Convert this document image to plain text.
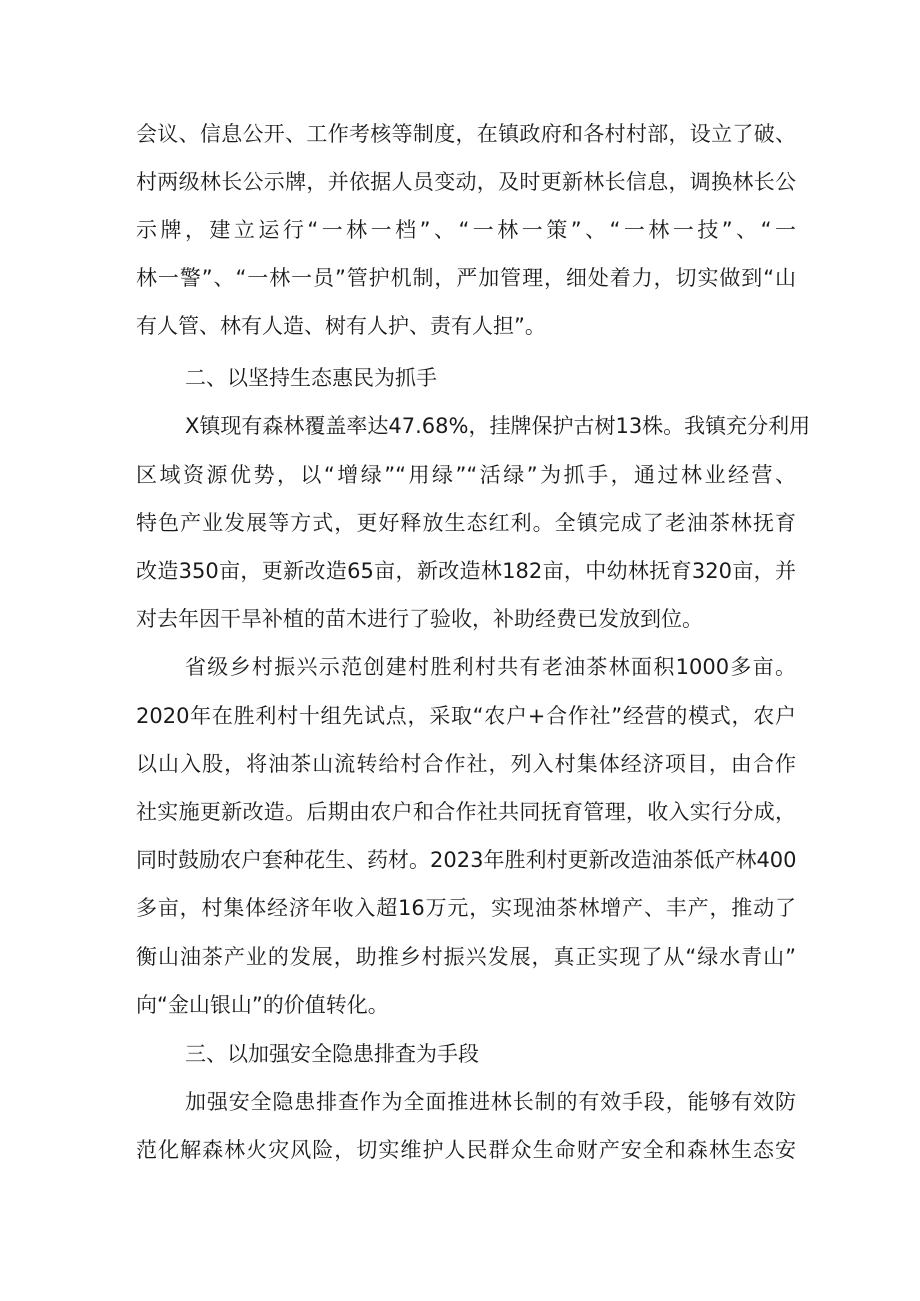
会议、信息公开、工作考核等制度，在镇政府和各村村部，设立了破、
村两级林长公示牌，并依据人员变动，及时更新林长信息，调换林长公
示牌，建立运行“一林一档”、“一林一策”、“一林一技”、“一
林一警”、“一林一员”管护机制，严加管理，细处着力，切实做到“山
有人管、林有人造、树有人护、责有人担”。
二、以坚持生态惠民为抓手
X镇现有森林覆盖率达47.68%，挂牌保护古树13株。我镇充分利用
区域资源优势，以“增绿”“用绿”“活绿”为抓手，通过林业经营、
特色产业发展等方式，更好释放生态红利。全镇完成了老油茶林抚育
改造350亩，更新改造65亩，新改造林182亩，中幼林抚育320亩，并
对去年因干旱补植的苗木进行了验收，补助经费已发放到位。
省级乡村振兴示范创建村胜利村共有老油茶林面积1000多亩。
2020年在胜利村十组先试点，采取“农户+合作社”经营的模式，农户
以山入股，将油茶山流转给村合作社，列入村集体经济项目，由合作
社实施更新改造。后期由农户和合作社共同抚育管理，收入实行分成，
同时鼓励农户套种花生、药材。2023年胜利村更新改造油茶低产林400
多亩，村集体经济年收入超16万元，实现油茶林增产、丰产，推动了
衡山油茶产业的发展，助推乡村振兴发展，真正实现了从“绿水青山”
向“金山银山”的价值转化。
三、以加强安全隐患排査为手段
加强安全隐患排查作为全面推进林长制的有效手段，能够有效防
范化解森林火灾风险，切实维护人民群众生命财产安全和森林生态安
